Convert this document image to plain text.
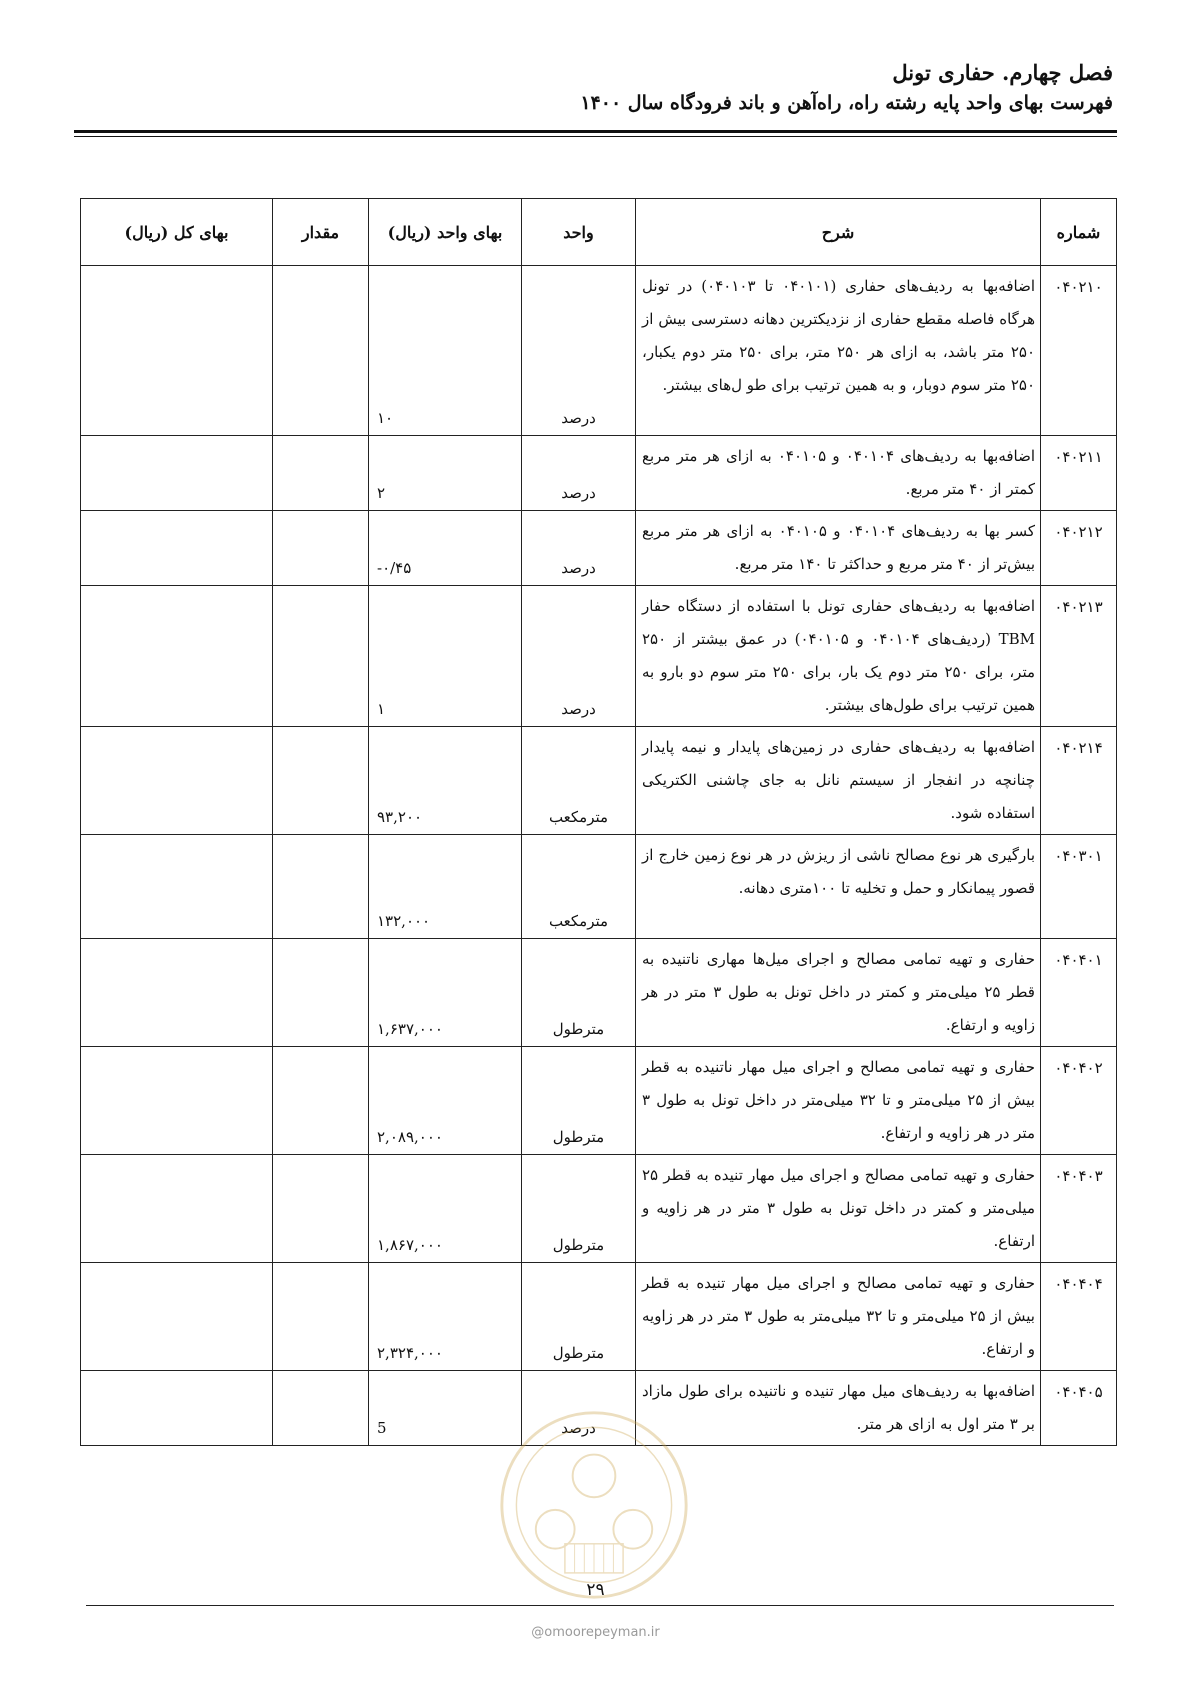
فصل چهارم. حفاری تونل
فهرست بهای واحد پایه رشته راه، راه‌آهن و باند فرودگاه سال ۱۴۰۰
شماره	شرح	واحد	بهای واحد (ریال)	مقدار	بهای کل (ریال)
۰۴۰۲۱۰	اضافه‌بها به ردیف‌های حفاری (۰۴۰۱۰۱ تا ۰۴۰۱۰۳) در تونل هرگاه فاصله مقطع حفاری از نزدیکترین دهانه دسترسی بیش از ۲۵۰ متر باشد، به ازای هر ۲۵۰ متر، برای ۲۵۰ متر دوم یکبار، ۲۵۰ متر سوم دوبار، و به همین ترتیب برای طو ل‌های بیشتر.	درصد	۱۰		
۰۴۰۲۱۱	اضافه‌بها به ردیف‌های ۰۴۰۱۰۴ و ۰۴۰۱۰۵ به ازای هر متر مربع‌ کمتر از ۴۰ متر مربع.	درصد	۲		
۰۴۰۲۱۲	کسر بها به ردیف‌های ۰۴۰۱۰۴ و ۰۴۰۱۰۵ به ازای هر متر مربع بیش‌تر از ۴۰ متر مربع و حداکثر تا ۱۴۰ متر مربع.	درصد	-۰/۴۵		
۰۴۰۲۱۳	اضافه‌بها به ردیف‌های حفاری تونل با استفاده از دستگاه حفار TBM (ردیف‌های ۰۴۰۱۰۴ و ۰۴۰۱۰۵) در عمق بیشتر از ۲۵۰ متر، برای ۲۵۰ متر دوم یک بار، برای ۲۵۰ متر سوم دو بارو به همین ترتیب برای طول‌های بیشتر.	درصد	۱		
۰۴۰۲۱۴	اضافه‌بها به ردیف‌های حفاری در زمین‌های پایدار و نیمه پایدار چنانچه در انفجار از سیستم نانل به جای چاشنی الکتریکی استفاده شود.	مترمکعب	۹۳,۲۰۰		
۰۴۰۳۰۱	بارگیری هر نوع مصالح ناشی از ریزش در هر نوع زمین خارج از قصور پیمانکار و حمل و تخلیه تا ۱۰۰متری دهانه.	مترمکعب	۱۳۲,۰۰۰		
۰۴۰۴۰۱	حفاری و تهیه تمامی مصالح و اجرای میل‌ها مهاری ناتنیده به قطر ۲۵ میلی‌متر و کمتر در داخل تونل به طول ۳ متر در هر زاویه و ارتفاع.	مترطول	۱,۶۳۷,۰۰۰		
۰۴۰۴۰۲	حفاری و تهیه تمامی مصالح و اجرای میل مهار ناتنیده به قطر بیش از ۲۵ میلی‌متر و تا ۳۲ میلی‌متر در داخل تونل به طول ۳ متر در هر زاویه و ارتفاع.	مترطول	۲,۰۸۹,۰۰۰		
۰۴۰۴۰۳	حفاری و تهیه تمامی مصالح و اجرای میل مهار تنیده به قطر ۲۵ میلی‌متر و کمتر در داخل تونل به طول ۳ متر در هر زاویه و ارتفاع.	مترطول	۱,۸۶۷,۰۰۰		
۰۴۰۴۰۴	حفاری و تهیه تمامی مصالح و اجرای میل مهار تنیده به قطر بیش از ۲۵ میلی‌متر و تا ۳۲ میلی‌متر به طول ۳ متر در هر زاویه و ارتفاع.	مترطول	۲,۳۲۴,۰۰۰		
۰۴۰۴۰۵	اضافه‌بها به ردیف‌های میل مهار تنیده و ناتنیده برای طول مازاد بر ۳ متر اول به ازای هر متر.	درصد	5		
۲۹
@omoorepeyman.ir
